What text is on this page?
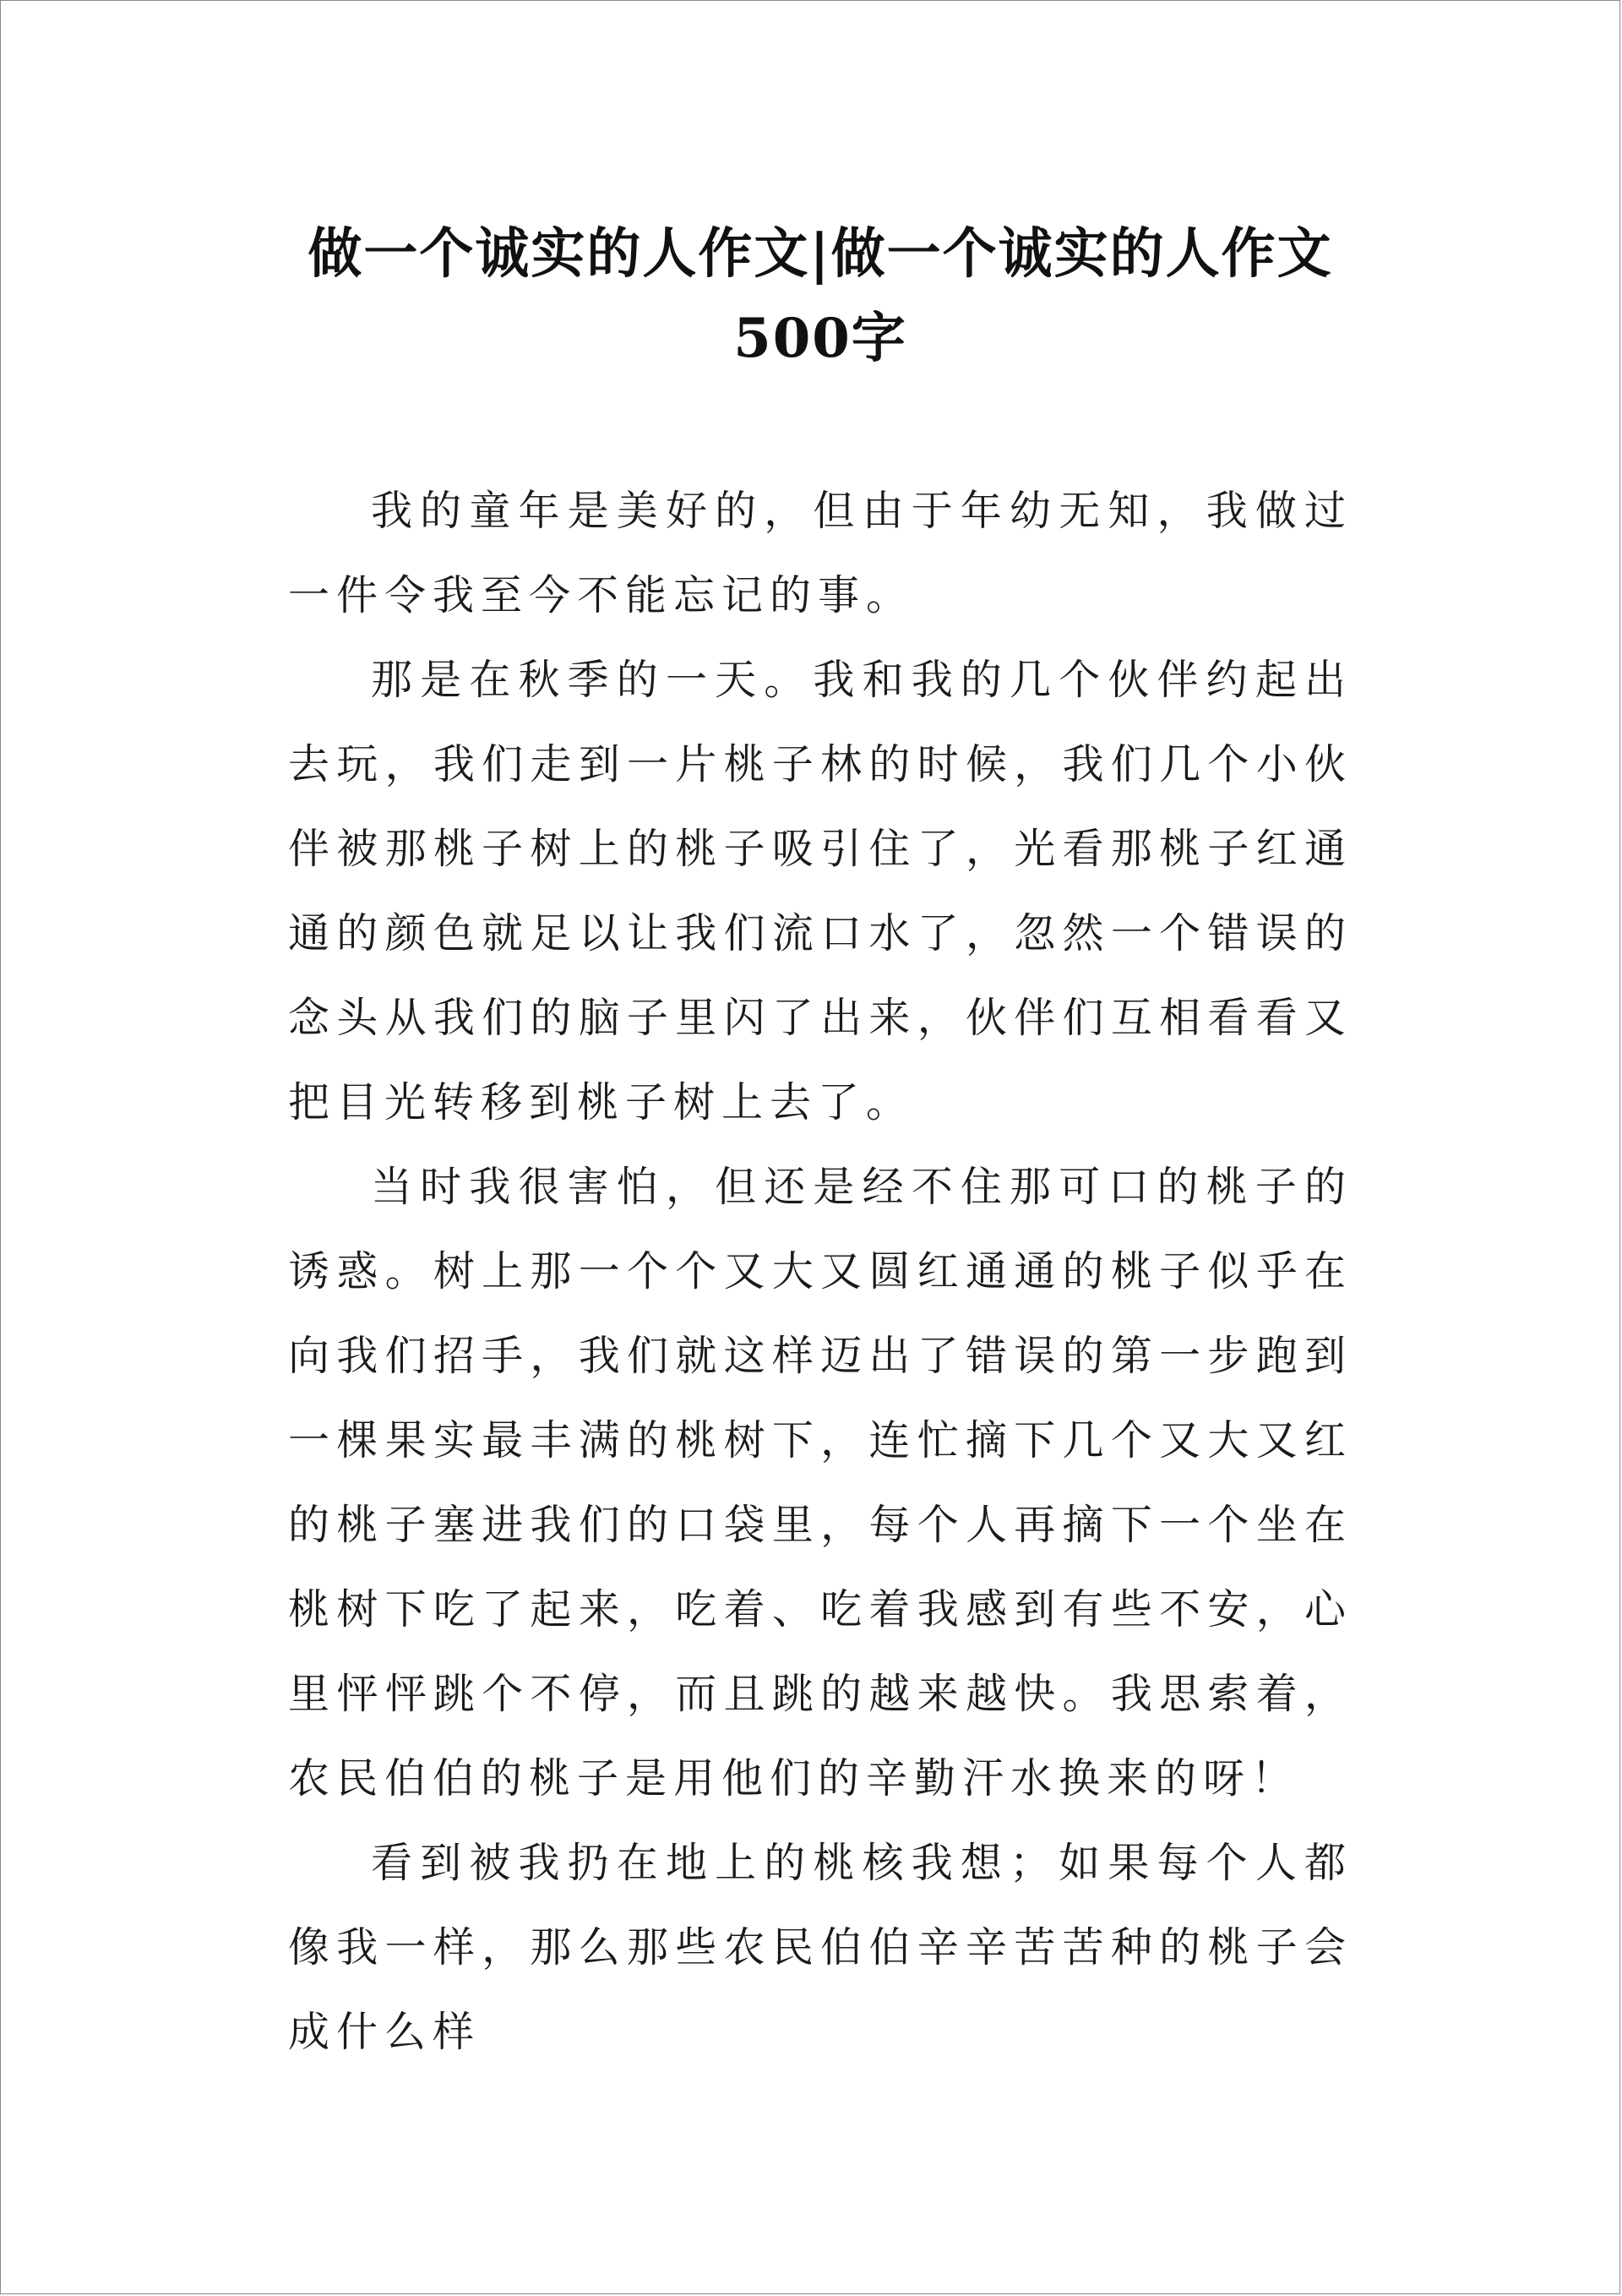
做一个诚实的人作文|做一个诚实的人作文500字

我的童年是美好的，但由于年幼无知，我做过一件令我至今不能忘记的事。

那是在秋季的一天。我和我的几个伙伴约起出去玩，我们走到一片桃子林的时候，我们几个小伙伴被那桃子树上的桃子吸引住了，光看那桃子红通通的颜色就足以让我们流口水了，忽然一个错误的念头从我们的脑子里闪了出来，伙伴们互相看看又把目光转移到桃子树上去了。

当时我很害怕，但还是经不住那可口的桃子的诱惑。树上那一个个又大又圆红通通的桃子似乎在向我们招手，我们就这样迈出了错误的第一步跑到一棵果实最丰满的桃树下，连忙摘下几个又大又红的桃子塞进我们的口袋里，每个人再摘下一个坐在桃树下吃了起来，吃着、吃着我感到有些不安，心里怦怦跳个不停，而且跳的越来越快。我思索着，农民伯伯的桃子是用他们的辛勤汗水换来的呀！

看到被我扔在地上的桃核我想；如果每个人都像我一样，那么那些农民伯伯辛辛苦苦种的桃子会成什么样
